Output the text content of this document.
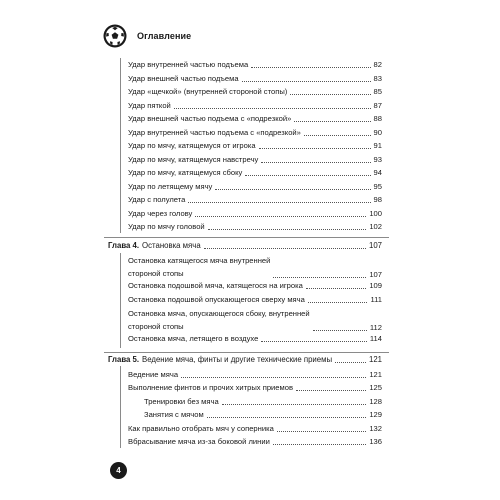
Оглавление
Удар внутренней частью подъема	82
Удар внешней частью подъема	83
Удар «щечкой» (внутренней стороной стопы)	85
Удар пяткой	87
Удар внешней частью подъема с «подрезкой»	88
Удар внутренней частью подъема с «подрезкой»	90
Удар по мячу, катящемуся от игрока	91
Удар по мячу, катящемуся навстречу	93
Удар по мячу, катящемуся сбоку	94
Удар по летящему мячу	95
Удар с полулета	98
Удар через голову	100
Удар по мячу головой	102
Глава 4. Остановка мяча	107
Остановка катящегося мяча внутренней
стороной стопы	107
Остановка подошвой мяча, катящегося на игрока	109
Остановка подошвой опускающегося сверху мяча	111
Остановка мяча, опускающегося сбоку, внутренней
стороной стопы	112
Остановка мяча, летящего в воздухе	114
Глава 5. Ведение мяча, финты и другие технические приемы	121
Ведение мяча	121
Выполнение финтов и прочих хитрых приемов	125
Тренировки без мяча	128
Занятия с мячом	129
Как правильно отобрать мяч у соперника	132
Вбрасывание мяча из-за боковой линии	136
4
